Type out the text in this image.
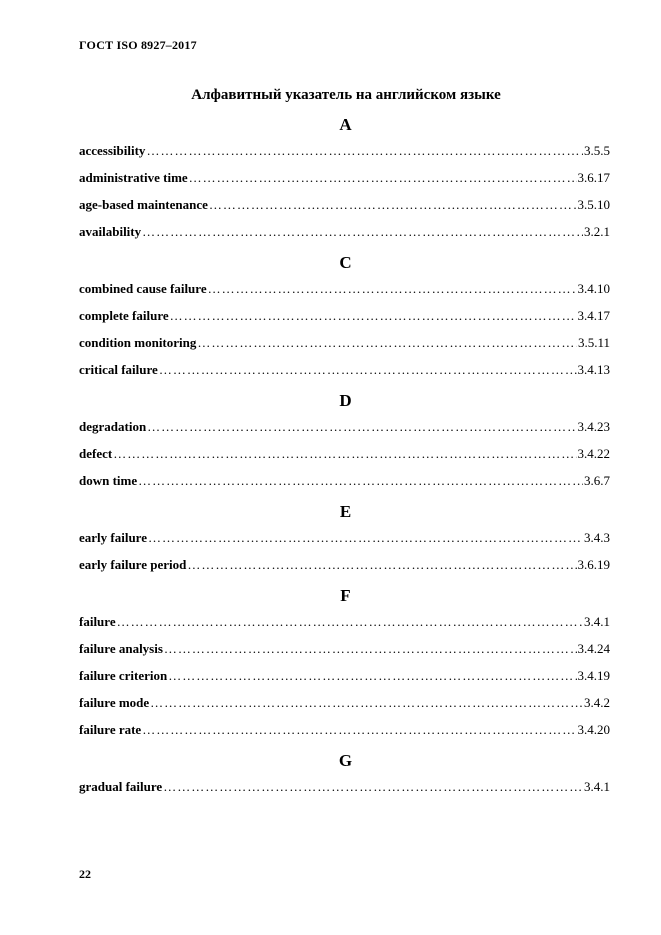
ГОСТ ISO 8927–2017
Алфавитный указатель на английском языке
A
accessibility ……………………………………………………………………………………………………………………………………………………	3.5.5
administrative time ……………………………………………………………………………………………………………………………………………………	3.6.17
age-based maintenance ……………………………………………………………………………………………………………………………………………………	3.5.10
availability ……………………………………………………………………………………………………………………………………………………	3.2.1
C
combined cause failure ……………………………………………………………………………………………………………………………………………………	3.4.10
complete failure ……………………………………………………………………………………………………………………………………………………	3.4.17
condition monitoring ……………………………………………………………………………………………………………………………………………………	3.5.11
critical failure ……………………………………………………………………………………………………………………………………………………	3.4.13
D
degradation ……………………………………………………………………………………………………………………………………………………	3.4.23
defect ……………………………………………………………………………………………………………………………………………………	3.4.22
down time ……………………………………………………………………………………………………………………………………………………	3.6.7
E
early failure ……………………………………………………………………………………………………………………………………………………	3.4.3
early failure period ……………………………………………………………………………………………………………………………………………………	3.6.19
F
failure ……………………………………………………………………………………………………………………………………………………	3.4.1
failure analysis ……………………………………………………………………………………………………………………………………………………	3.4.24
failure criterion ……………………………………………………………………………………………………………………………………………………	3.4.19
failure mode ……………………………………………………………………………………………………………………………………………………	3.4.2
failure rate ……………………………………………………………………………………………………………………………………………………	3.4.20
G
gradual failure ……………………………………………………………………………………………………………………………………………………	3.4.1
22
